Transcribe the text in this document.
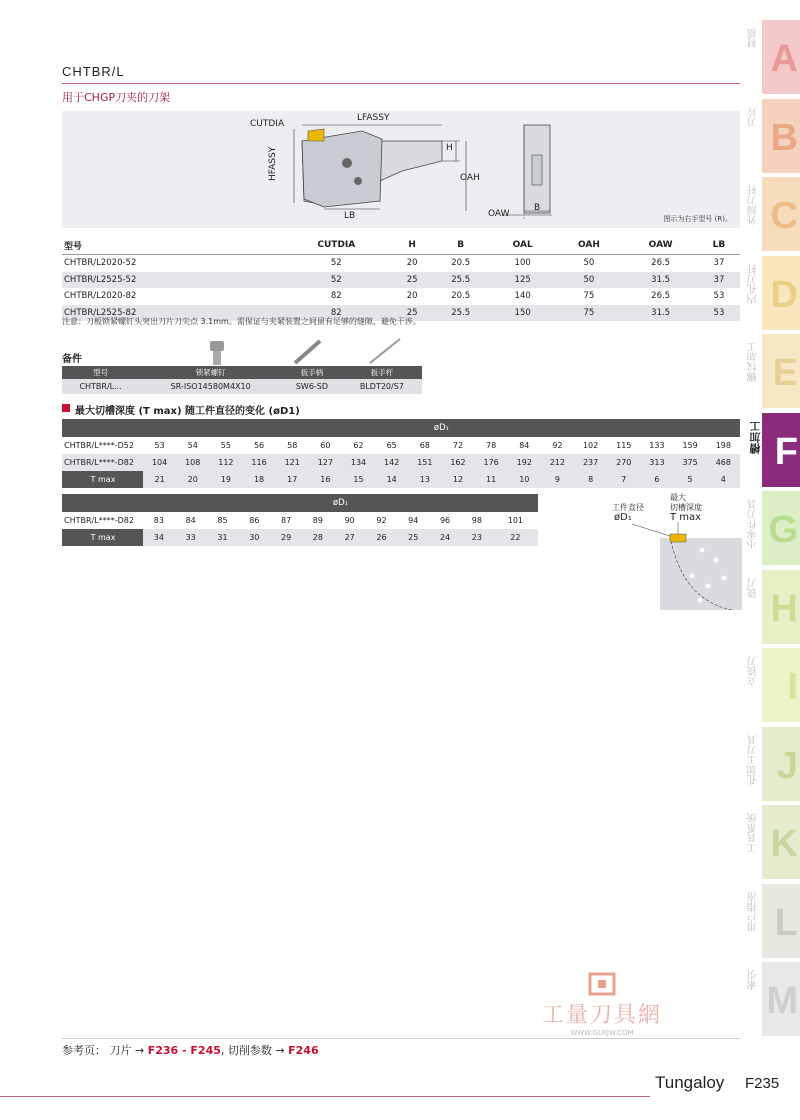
CHTBR/L
用于CHGP刀夹的刀架
LFASSY
CUTDIA
HFASSY	H
OAH
LB	OAW
B
图示为右手型号 (R)。
型号	CUTDIA	H	B	OAL	OAH	OAW	LB
CHTBR/L2020-52	52	20	20.5	100	50	26.5	37
CHTBR/L2525-52	52	25	25.5	125	50	31.5	37
CHTBR/L2020-82	82	20	20.5	140	75	26.5	53
CHTBR/L2525-82	82	25	25.5	150	75	31.5	53
注意：刀板锁紧螺钉头突出刀片刀尖点 3.1mm。需保证与夹紧装置之间留有足够的缝隙，避免干涉。
备件
型号	锁紧螺钉	扳手柄	扳手杆
CHTBR/L...	SR-ISO14580M4X10	SW6-SD	BLDT20/S7
最大切槽深度 (T max) 随工件直径的变化 (øD1)
	øD₁																	
CHTBR/L****-D52	53	54	55	56	58	60	62	65	68	72	78	84	92	102	115	133	159	198
CHTBR/L****-D82	104	108	112	116	121	127	134	142	151	162	176	192	212	237	270	313	375	468
T max	21	20	19	18	17	16	15	14	13	12	11	10	9	8	7	6	5	4
	øD₁											
CHTBR/L****-D82	83	84	85	86	87	89	90	92	94	96	98	101
T max	34	33	31	30	29	28	27	26	25	24	23	22
工件直径
øD₁
最大
切槽深度
T max
A
材质
B
刀片
C
外圆刀杆
D
内孔刀杆
E
螺纹加工
F
槽加工
G
小零件刀具
H
铣刀
I
立铣刀
J
孔加工刀具
K
工具系统
L
用户指南
M
索引
工量刀具網
WWW.GLRJW.COM
参考页： 刀片 → F236 - F245, 切削参数 → F246
Tungaloy F235
